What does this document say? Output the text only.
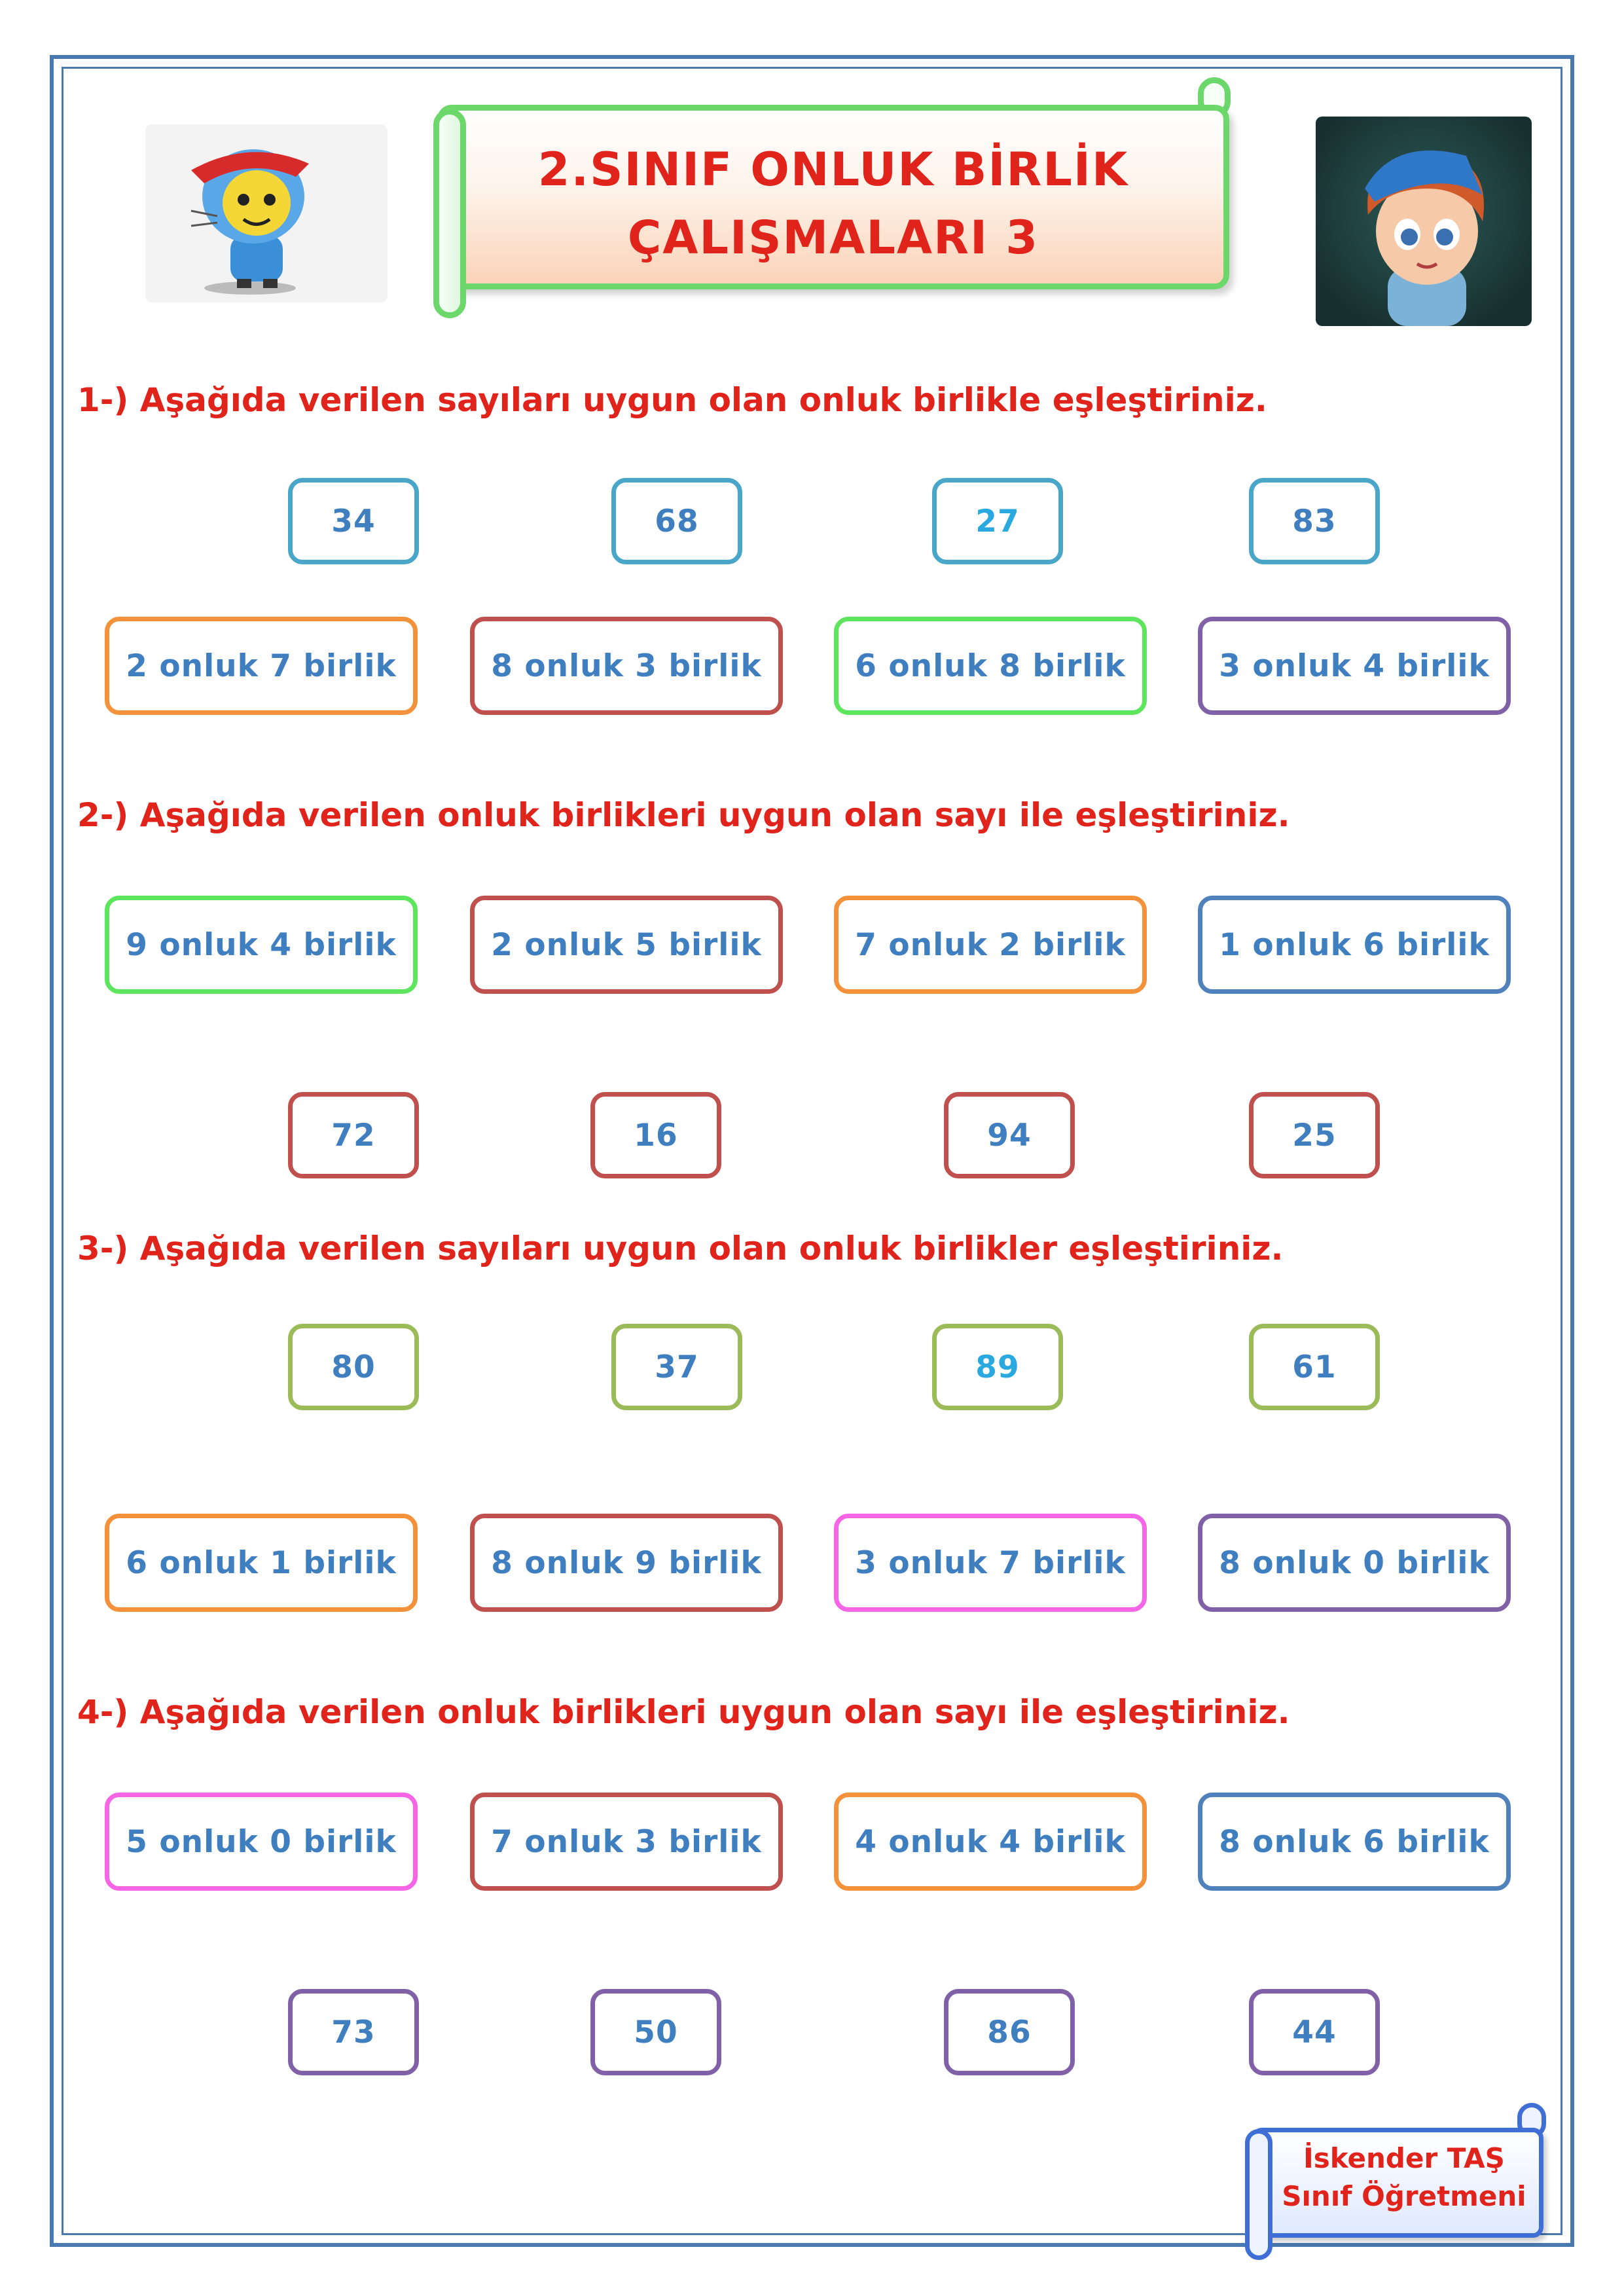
2.SINIF ONLUK BİRLİK
ÇALIŞMALARI 3
1-) Aşağıda verilen sayıları uygun olan onluk birlikle eşleştiriniz.
34	68	27	83
2 onluk 7 birlik	8 onluk 3 birlik	6 onluk 8 birlik	3 onluk 4 birlik
2-) Aşağıda verilen onluk birlikleri uygun olan sayı ile eşleştiriniz.
9 onluk 4 birlik	2 onluk 5 birlik	7 onluk 2 birlik	1 onluk 6 birlik
72	16	94	25
3-) Aşağıda verilen sayıları uygun olan onluk birlikler eşleştiriniz.
80	37	89	61
6 onluk 1 birlik	8 onluk 9 birlik	3 onluk 7 birlik	8 onluk 0 birlik
4-) Aşağıda verilen onluk birlikleri uygun olan sayı ile eşleştiriniz.
5 onluk 0 birlik	7 onluk 3 birlik	4 onluk 4 birlik	8 onluk 6 birlik
73	50	86	44
İskender TAŞ
Sınıf Öğretmeni
